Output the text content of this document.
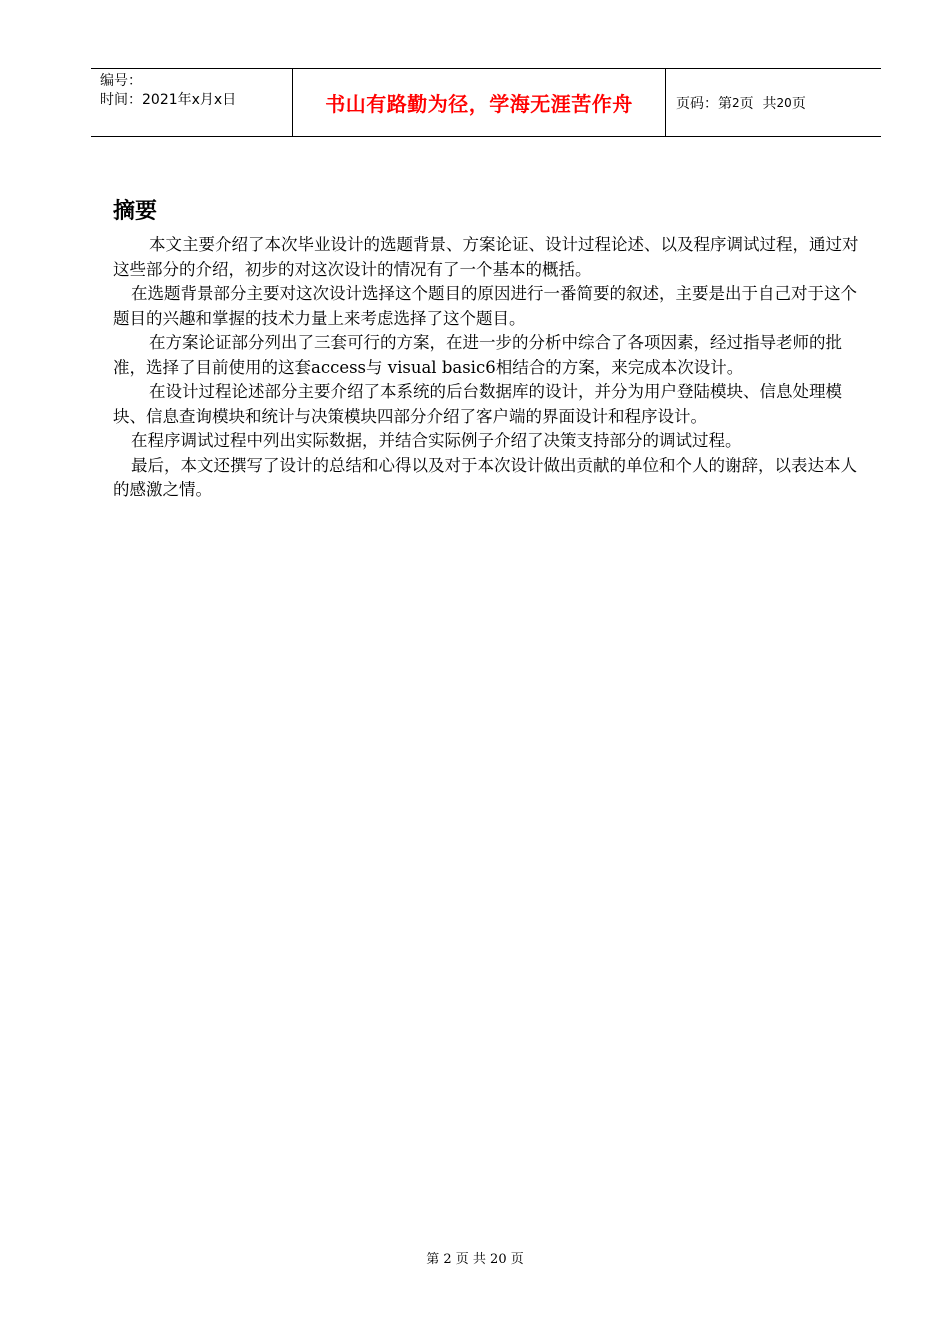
编号：
时间：2021年x月x日	书山有路勤为径，学海无涯苦作舟	页码：第 2 页  共 20 页
摘要

本文主要介绍了本次毕业设计的选题背景、方案论证、设计过程论述、以及程序调试过程，通过对这些部分的介绍，初步的对这次设计的情况有了一个基本的概括。

在选题背景部分主要对这次设计选择这个题目的原因进行一番简要的叙述，主要是出于自己对于这个题目的兴趣和掌握的技术力量上来考虑选择了这个题目。

在方案论证部分列出了三套可行的方案，在进一步的分析中综合了各项因素，经过指导老师的批准，选择了目前使用的这套access与 visual basic6相结合的方案，来完成本次设计。

在设计过程论述部分主要介绍了本系统的后台数据库的设计，并分为用户登陆模块、信息处理模块、信息查询模块和统计与决策模块四部分介绍了客户端的界面设计和程序设计。

在程序调试过程中列出实际数据，并结合实际例子介绍了决策支持部分的调试过程。

最后，本文还撰写了设计的总结和心得以及对于本次设计做出贡献的单位和个人的谢辞，以表达本人的感激之情。

第 2 页 共 20 页
